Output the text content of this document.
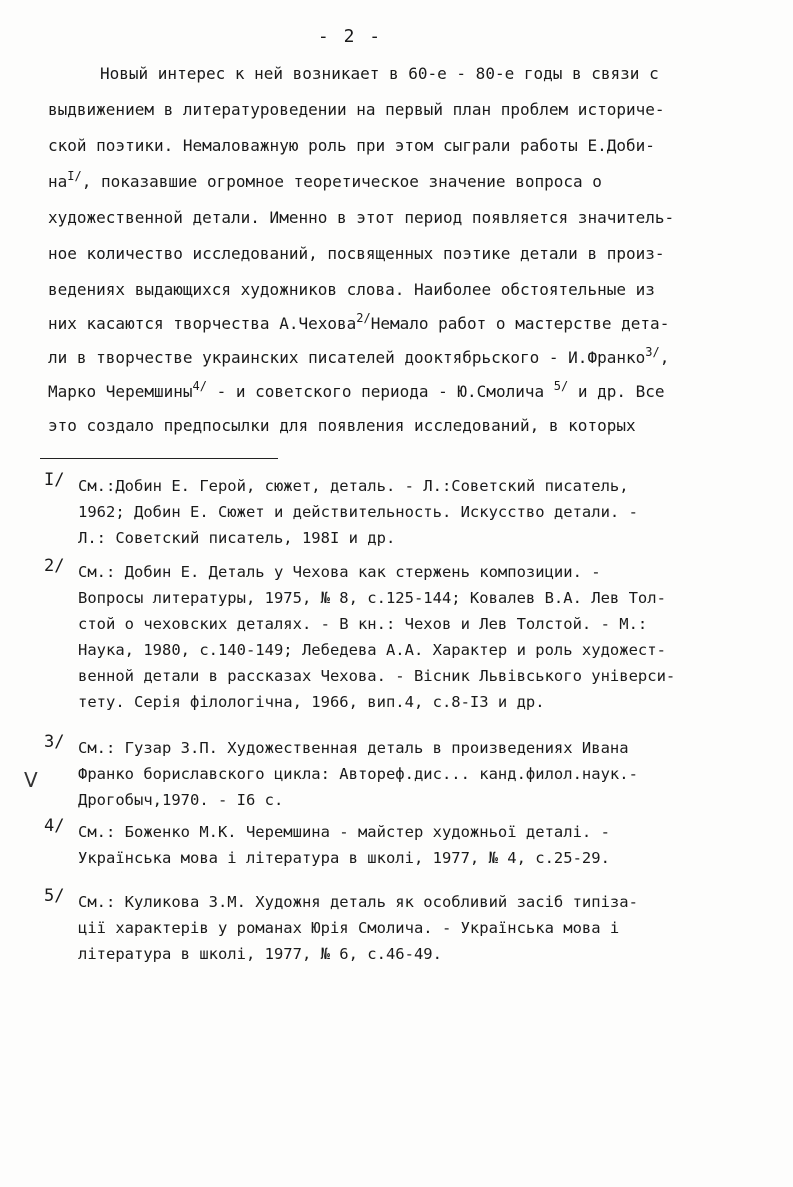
- 2 -
Новый интерес к ней возникает в 60-е - 80-е годы в связи с
выдвижением в литературоведении на первый план проблем историче-
ской поэтики. Немаловажную роль при этом сыграли работы Е.Доби-
на$^{I/}$, показавшие огромное теоретическое значение вопроса о
художественной детали. Именно в этот период появляется значитель-
ное количество исследований, посвященных поэтике детали в произ-
ведениях выдающихся художников слова. Наиболее обстоятельные из
них касаются творчества А.Чехова$^{2/}$Немало работ о мастерстве дета-
ли в творчестве украинских писателей дооктябрьского - И.Франко$^{3/}$,
Марко Черемшины$^{4/}$ - и советского периода - Ю.Смолича $^{5/}$ и др. Все
это создало предпосылки для появления исследований, в которых
I/ См.:Добин Е. Герой, сюжет, деталь. - Л.:Советский писатель,
1962; Добин Е. Сюжет и действительность. Искусство детали. -
Л.: Советский писатель, 198I и др.
2/ См.: Добин Е. Деталь у Чехова как стержень композиции. -
Вопросы литературы, 1975, № 8, с.125-144; Ковалев В.А. Лев Тол-
стой о чеховских деталях. - В кн.: Чехов и Лев Толстой. - М.:
Наука, 1980, с.140-149; Лебедева А.А. Характер и роль художест-
венной детали в рассказах Чехова. - Вісник Львівського універси-
тету. Серія філологічна, 1966, вип.4, с.8-I3 и др.
3/ См.: Гузар З.П. Художественная деталь в произведениях Ивана
Франко бориславского цикла: Автореф.дис... канд.филол.наук.-
Дрогобыч,1970. - I6 с.
V
4/ См.: Боженко М.К. Черемшина - майстер художньої деталі. -
Українська мова і література в школі, 1977, № 4, с.25-29.
5/ См.: Куликова З.М. Художня деталь як особливий засіб типіза-
ції характерів у романах Юрія Смолича. - Українська мова і
література в школі, 1977, № 6, с.46-49.
